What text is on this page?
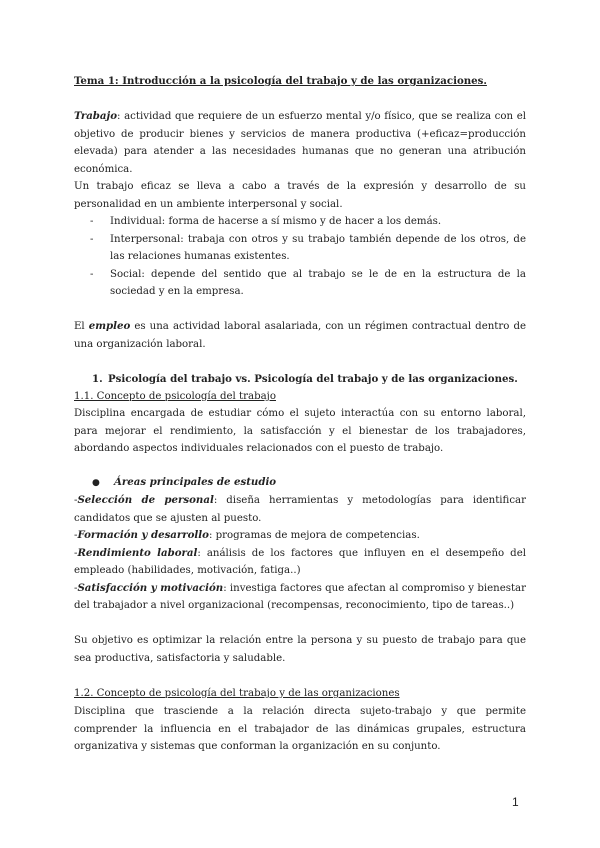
Tema 1: Introducción a la psicología del trabajo y de las organizaciones.

Trabajo: actividad que requiere de un esfuerzo mental y/o físico, que se realiza con el objetivo de producir bienes y servicios de manera productiva (+eficaz=producción elevada) para atender a las necesidades humanas que no generan una atribución económica.

Un trabajo eficaz se lleva a cabo a través de la expresión y desarrollo de su personalidad en un ambiente interpersonal y social.

- Individual: forma de hacerse a sí mismo y de hacer a los demás.
- Interpersonal: trabaja con otros y su trabajo también depende de los otros, de las relaciones humanas existentes.
- Social: depende del sentido que al trabajo se le de en la estructura de la sociedad y en la empresa.

El empleo es una actividad laboral asalariada, con un régimen contractual dentro de una organización laboral.

1. Psicología del trabajo vs. Psicología del trabajo y de las organizaciones.

1.1. Concepto de psicología del trabajo

Disciplina encargada de estudiar cómo el sujeto interactúa con su entorno laboral, para mejorar el rendimiento, la satisfacción y el bienestar de los trabajadores, abordando aspectos individuales relacionados con el puesto de trabajo.

● Áreas principales de estudio

-Selección de personal: diseña herramientas y metodologías para identificar candidatos que se ajusten al puesto.
-Formación y desarrollo: programas de mejora de competencias.
-Rendimiento laboral: análisis de los factores que influyen en el desempeño del empleado (habilidades, motivación, fatiga..)
-Satisfacción y motivación: investiga factores que afectan al compromiso y bienestar del trabajador a nivel organizacional (recompensas, reconocimiento, tipo de tareas..)

Su objetivo es optimizar la relación entre la persona y su puesto de trabajo para que sea productiva, satisfactoria y saludable.

1.2. Concepto de psicología del trabajo y de las organizaciones

Disciplina que trasciende a la relación directa sujeto-trabajo y que permite comprender la influencia en el trabajador de las dinámicas grupales, estructura organizativa y sistemas que conforman la organización en su conjunto.

1
